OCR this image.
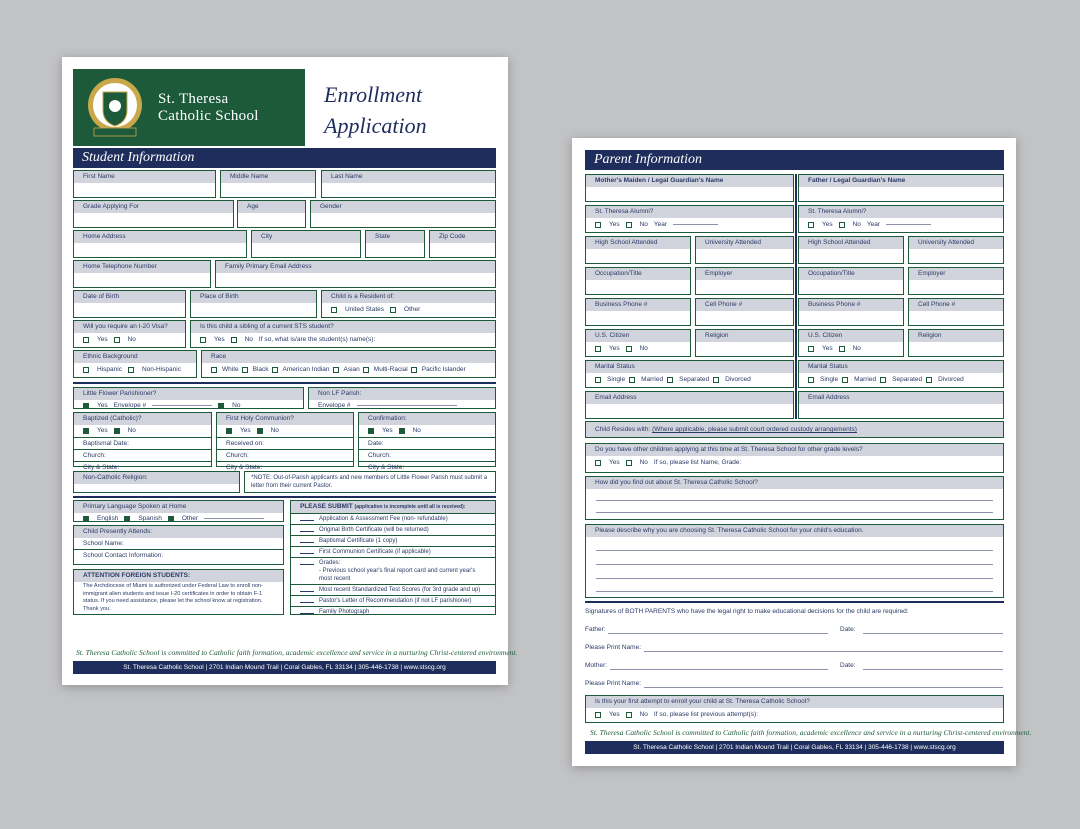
St. Theresa
Catholic School
Enrollment
Application
Student Information
First Name	Middle Name	Last Name
Grade Applying For	Age	Gender
Home Address	City	State	Zip Code
Home Telephone Number	Family Primary Email Address
Date of Birth	Place of Birth	Child is a Resident of:
United States	Other
Will you require an I-20 Visa?
Yes	No
Is this child a sibling of a current STS student?
Yes	No If so, what is/are the student(s) name(s):
Ethnic Background
Hispanic	Non-Hispanic
Race
White Black American Indian Asian Multi-Racial Pacific Islander
Little Flower Parishioner?
Yes Envelope #	No
Non LF Parish:
Envelope #
Baptized (Catholic)?
Yes	No
Baptismal Date:
Church:
City & State:
First Holy Communion?
Yes	No
Received on:
Church:
City & State:
Confirmation:
Yes	No
Date:
Church:
City & State:
Non-Catholic Religion:	*NOTE: Out-of-Parish applicants and new members of Little Flower Parish must submit a letter from their current Pastor.
Primary Language Spoken at Home
English	Spanish	Other
Child Presently Attends:
School Name:
School Contact Information:
ATTENTION FOREIGN STUDENTS:
The Archdiocese of Miami is authorized under Federal Law to enroll non-immigrant alien students and issue I-20 certificates in order to obtain F-1 status. If you need assistance, please let the school know at registration. Thank you.
PLEASE SUBMIT (application is incomplete until all is received):
Application & Assessment Fee (non- refundable)
Original Birth Certificate (will be returned)
Baptismal Certificate (1 copy)
First Communion Certificate (if applicable)
Grades:
- Previous school year's final report card and current year's most recent
Most recent Standardized Test Scores (for 3rd grade and up)
Pastor's Letter of Recommendation (if not LF parishioner)
Family Photograph
St. Theresa Catholic School is committed to Catholic faith formation, academic excellence and service in a nurturing Christ-centered environment.
St. Theresa Catholic School | 2701 Indian Mound Trail | Coral Gables, FL 33134 | 305-446-1738 | www.stscg.org
Parent Information
Mother's Maiden / Legal Guardian's Name
St. Theresa Alumni?
Yes	No Year
High School Attended	University Attended
Occupation/Title	Employer
Business Phone #	Cell Phone #
U.S. Citizen
Yes	No
Religion
Marital Status
Single Married Separated Divorced
Email Address
Father / Legal Guardian's Name
St. Theresa Alumni?
Yes	No Year
High School Attended	University Attended
Occupation/Title	Employer
Business Phone #	Cell Phone #
U.S. Citizen
Yes	No
Religion
Marital Status
Single Married Separated Divorced
Email Address
Child Resides with: (Where applicable, please submit court ordered custody arrangements)
Do you have other children applying at this time at St. Theresa School for other grade levels?
Yes	No If so, please list Name, Grade:
How did you find out about St. Theresa Catholic School?
Please describe why you are choosing St. Theresa Catholic School for your child's education.
Signatures of BOTH PARENTS who have the legal right to make educational decisions for the child are required:
Father:	Date:
Please Print Name:
Mother:	Date:
Please Print Name:
Is this your first attempt to enroll your child at St. Theresa Catholic School?
Yes	No If so, please list previous attempt(s):
St. Theresa Catholic School is committed to Catholic faith formation, academic excellence and service in a nurturing Christ-centered environment.
St. Theresa Catholic School | 2701 Indian Mound Trail | Coral Gables, FL 33134 | 305-446-1738 | www.stscg.org
